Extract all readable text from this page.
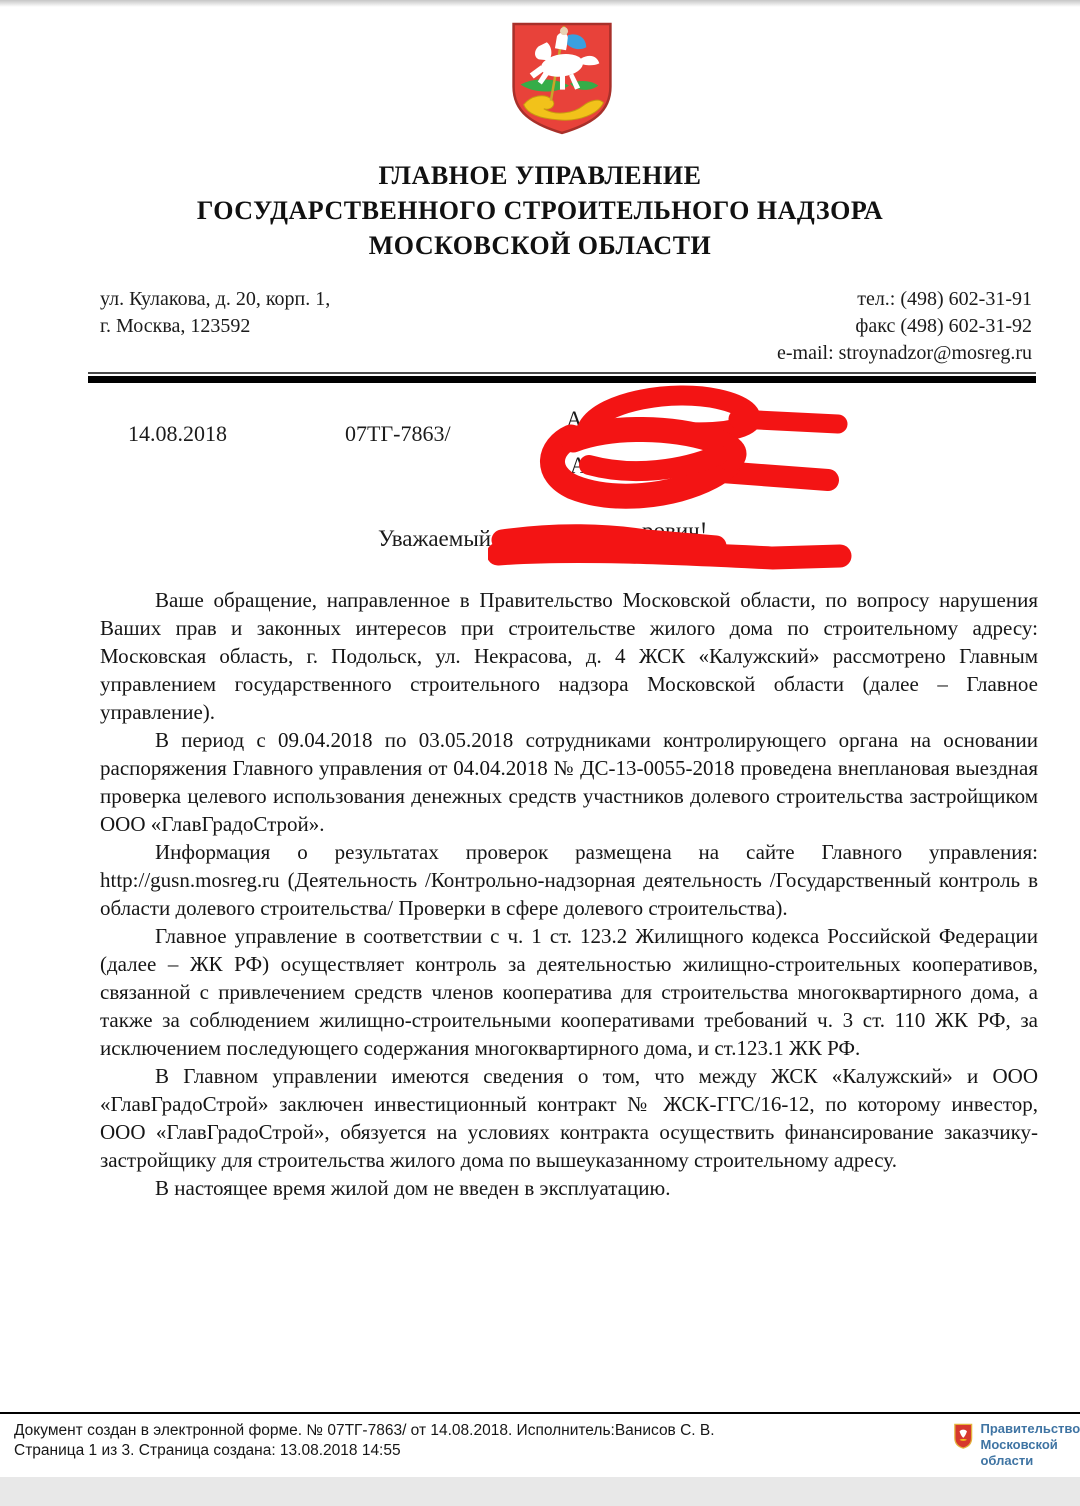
ГЛАВНОЕ УПРАВЛЕНИЕ
ГОСУДАРСТВЕННОГО СТРОИТЕЛЬНОГО НАДЗОРА
МОСКОВСКОЙ ОБЛАСТИ
ул. Кулакова, д. 20, корп. 1,
г. Москва, 123592
тел.: (498) 602-31-91
факс (498) 602-31-92
e-mail: stroynadzor@mosreg.ru
14.08.2018	07ТГ-7863/
А
А
Уважаемый	рович!

Ваше обращение, направленное в Правительство Московской области, по вопросу нарушения Ваших прав и законных интересов при строительстве жилого дома по строительному адресу: Московская область, г. Подольск, ул. Некрасова, д. 4 ЖСК «Калужский» рассмотрено Главным управлением государственного строительного надзора Московской области (далее – Главное управление).

В период с 09.04.2018 по 03.05.2018 сотрудниками контролирующего органа на основании распоряжения Главного управления от 04.04.2018 № ДС-13-0055-2018 проведена внеплановая выездная проверка целевого использования денежных средств участников долевого строительства застройщиком ООО «ГлавГрадоСтрой».

Информация о результатах проверок размещена на сайте Главного управления: http://gusn.mosreg.ru (Деятельность /Контрольно-надзорная деятельность /Государственный контроль в области долевого строительства/ Проверки в сфере долевого строительства).

Главное управление в соответствии с ч. 1 ст. 123.2 Жилищного кодекса Российской Федерации (далее – ЖК РФ) осуществляет контроль за деятельностью жилищно-строительных кооперативов, связанной с привлечением средств членов кооператива для строительства многоквартирного дома, а также за соблюдением жилищно-строительными кооперативами требований ч. 3 ст. 110 ЖК РФ, за исключением последующего содержания многоквартирного дома, и ст.123.1 ЖК РФ.

В Главном управлении имеются сведения о том, что между ЖСК «Калужский» и ООО «ГлавГрадоСтрой» заключен инвестиционный контракт № ЖСК-ГГС/16-12, по которому инвестор, ООО «ГлавГрадоСтрой», обязуется на условиях контракта осуществить финансирование заказчику-застройщику для строительства жилого дома по вышеуказанному строительному адресу.

В настоящее время жилой дом не введен в эксплуатацию.

Документ создан в электронной форме. № 07ТГ-7863/ от 14.08.2018. Исполнитель:Ванисов С. В.
Страница 1 из 3. Страница создана: 13.08.2018 14:55
Правительство
Московской области
